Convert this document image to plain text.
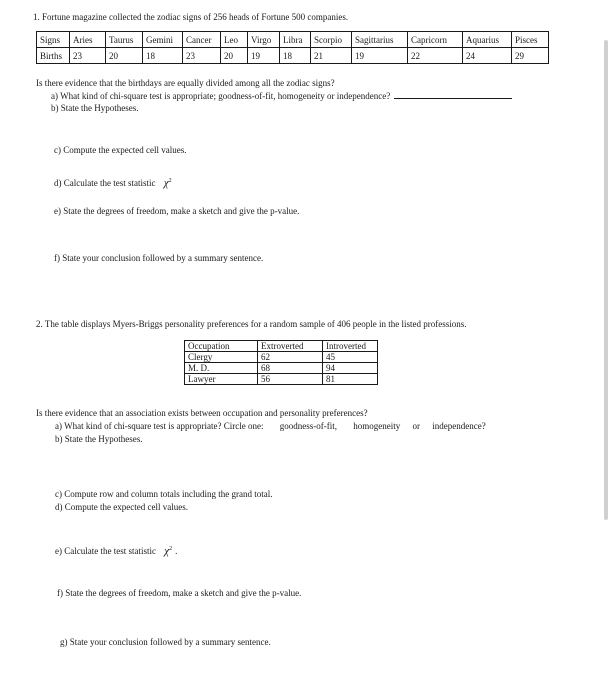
1. Fortune magazine collected the zodiac signs of 256 heads of Fortune 500 companies.
Signs	Aries	Taurus	Gemini	Cancer	Leo	Virgo	Libra	Scorpio	Sagittarius	Capricorn	Aquarius	Pisces
Births	23	20	18	23	20	19	18	21	19	22	24	29
Is there evidence that the birthdays are equally divided among all the zodiac signs?
a) What kind of chi-square test is appropriate; goodness-of-fit, homogeneity or independence?
b) State the Hypotheses.
c) Compute the expected cell values.
d) Calculate the test statistic $\chi^2$
e) State the degrees of freedom, make a sketch and give the p-value.
f) State your conclusion followed by a summary sentence.
2. The table displays Myers-Briggs personality preferences for a random sample of 406 people in the listed professions.
Occupation	Extroverted	Introverted
Clergy	62	45
M. D.	68	94
Lawyer	56	81
Is there evidence that an association exists between occupation and personality preferences?
a) What kind of chi-square test is appropriate? Circle one: goodness-of-fit, homogeneity or independence?
b) State the Hypotheses.
c) Compute row and column totals including the grand total.
d) Compute the expected cell values.
e) Calculate the test statistic $\chi^2$ .
f) State the degrees of freedom, make a sketch and give the p-value.
g) State your conclusion followed by a summary sentence.
